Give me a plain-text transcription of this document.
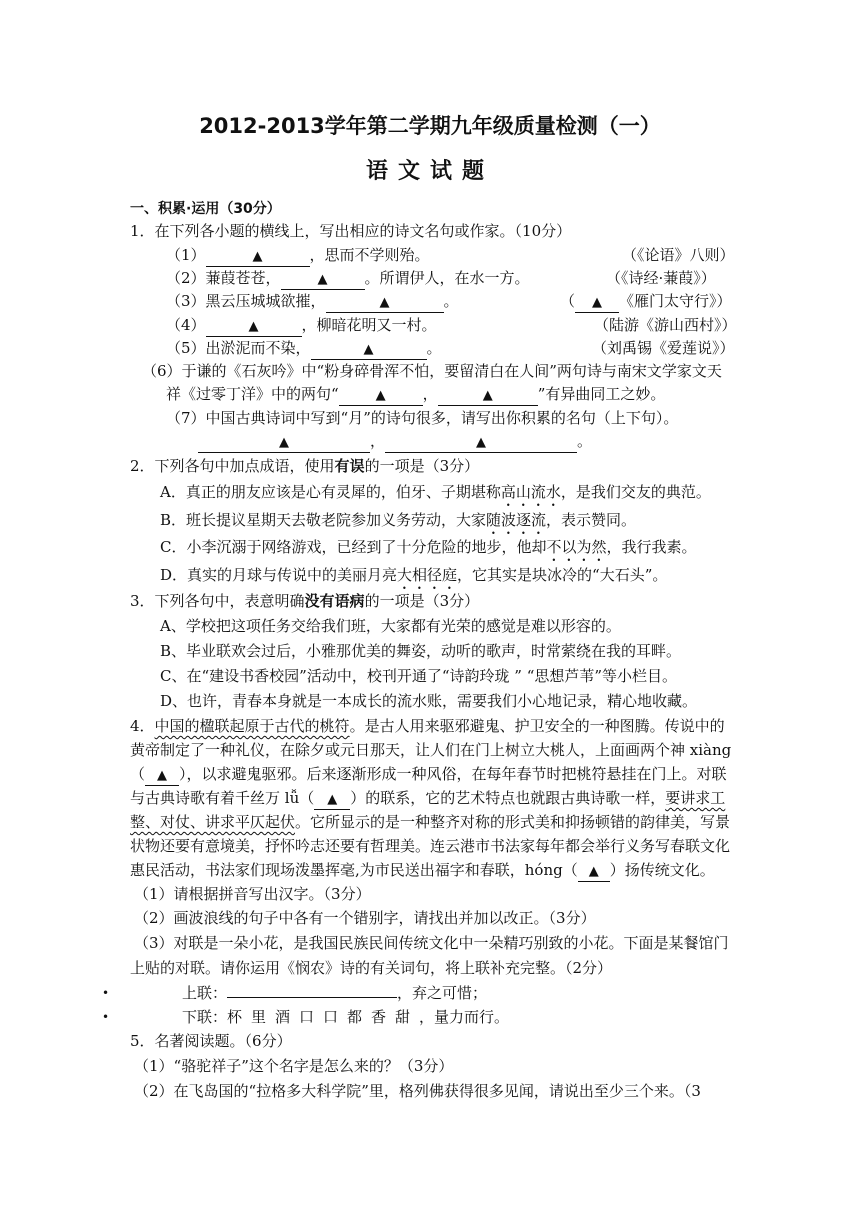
2012-2013学年第二学期九年级质量检测（一）
语文试题
一、积累·运用（30分）
1．在下列各小题的横线上，写出相应的诗文名句或作家。（10分）
（1）	▲	，思而不学则殆。	（《论语》八则）
（2）蒹葭苍苍，	▲ 。所谓伊人，在水一方。	（《诗经·蒹葭》）
（3）黑云压城城欲摧，	▲	。	（ ▲ 《雁门太守行》）
（4）	▲	，柳暗花明又一村。	（陆游《游山西村》）
（5）出淤泥而不染，	▲	。	（刘禹锡《爱莲说》）
（6）于谦的《石灰吟》中“粉身碎骨浑不怕，要留清白在人间”两句诗与南宋文学家文天
祥《过零丁洋》中的两句“	▲ ，	▲	”有异曲同工之妙。
（7）中国古典诗词中写到“月”的诗句很多，请写出你积累的名句（上下句）。
▲	，	▲	。
2．下列各句中加点成语，使用有误的一项是（3分）
A．真正的朋友应该是心有灵犀的，伯牙、子期堪称高山流水，是我们交友的典范。
B．班长提议星期天去敬老院参加义务劳动，大家随波逐流，表示赞同。
C．小李沉溺于网络游戏，已经到了十分危险的地步，他却不以为然，我行我素。
D．真实的月球与传说中的美丽月亮大相径庭，它其实是块冰冷的“大石头”。
3．下列各句中，表意明确没有语病的一项是（3分）
A、学校把这项任务交给我们班，大家都有光荣的感觉是难以形容的。
B、毕业联欢会过后，小雅那优美的舞姿，动听的歌声，时常萦绕在我的耳畔。
C、在“建设书香校园”活动中，校刊开通了“诗韵玲珑 ” “思想芦苇”等小栏目。
D、也许，青春本身就是一本成长的流水账，需要我们小心地记录，精心地收藏。
4．中国的楹联起原于古代的桃符。是古人用来驱邪避鬼、护卫安全的一种图腾。传说中的
黄帝制定了一种礼仪，在除夕或元日那天，让人们在门上树立大桃人，上面画两个神 xiàng
（ ▲ ），以求避鬼驱邪。后来逐渐形成一种风俗，在每年春节时把桃符悬挂在门上。对联
与古典诗歌有着千丝万 lǚ（ ▲ ）的联系，它的艺术特点也就跟古典诗歌一样，要讲求工
整、对仗、讲求平仄起伏。它所显示的是一种整齐对称的形式美和抑扬顿错的韵律美，写景
状物还要有意境美，抒怀吟志还要有哲理美。连云港市书法家每年都会举行义务写春联文化
惠民活动，书法家们现场泼墨挥毫,为市民送出福字和春联，hóng（ ▲ ）扬传统文化。
（1）请根据拼音写出汉字。（3分）
（2）画波浪线的句子中各有一个错别字，请找出并加以改正。（3分）
（3）对联是一朵小花，是我国民族民间传统文化中一朵精巧别致的小花。下面是某餐馆门
上贴的对联。请你运用《悯农》诗的有关词句，将上联补充完整。（2分）
•	上联：	，弃之可惜；
•	下联：杯里酒口口都香甜，量力而行。
5．名著阅读题。（6分）
（1）“骆驼祥子”这个名字是怎么来的？（3分）
（2）在飞岛国的“拉格多大科学院”里，格列佛获得很多见闻，请说出至少三个来。（3
